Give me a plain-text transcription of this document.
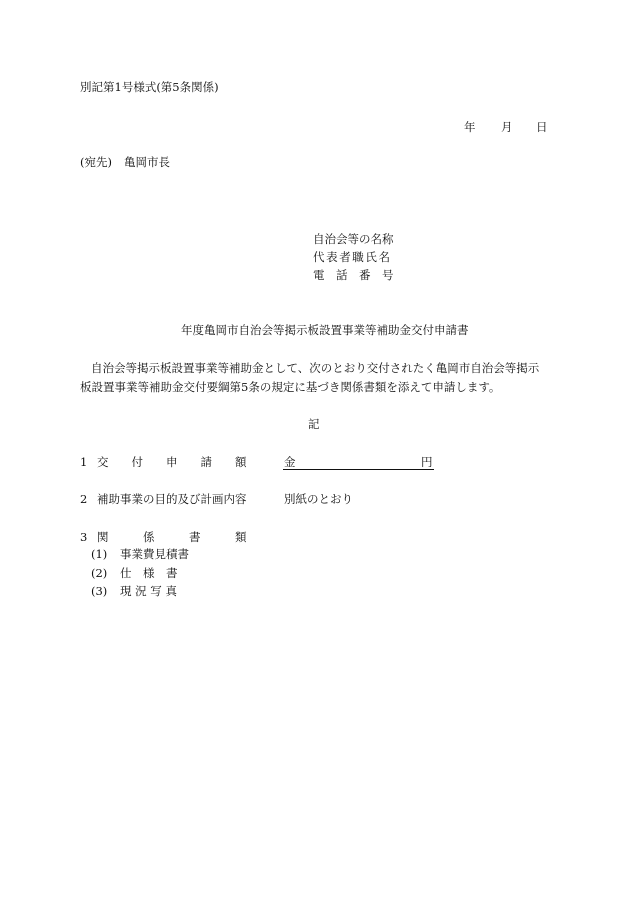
別記第1号様式(第5条関係)
年 月 日
(宛先) 亀岡市長
自治会等の名称
代表者職氏名
電　話　番　号
年度亀岡市自治会等掲示板設置事業等補助金交付申請書
自治会等掲示板設置事業等補助金として、次のとおり交付されたく亀岡市自治会等掲示
板設置事業等補助金交付要綱第5条の規定に基づき関係書類を添えて申請します。
記
1 交　　付　　申　　請　　額	金	円
2 補助事業の目的及び計画内容	別紙のとおり
3 関　　　係　　　書　　　類
(1) 事業費見積書
(2) 仕　様　書
(3) 現 況 写 真
